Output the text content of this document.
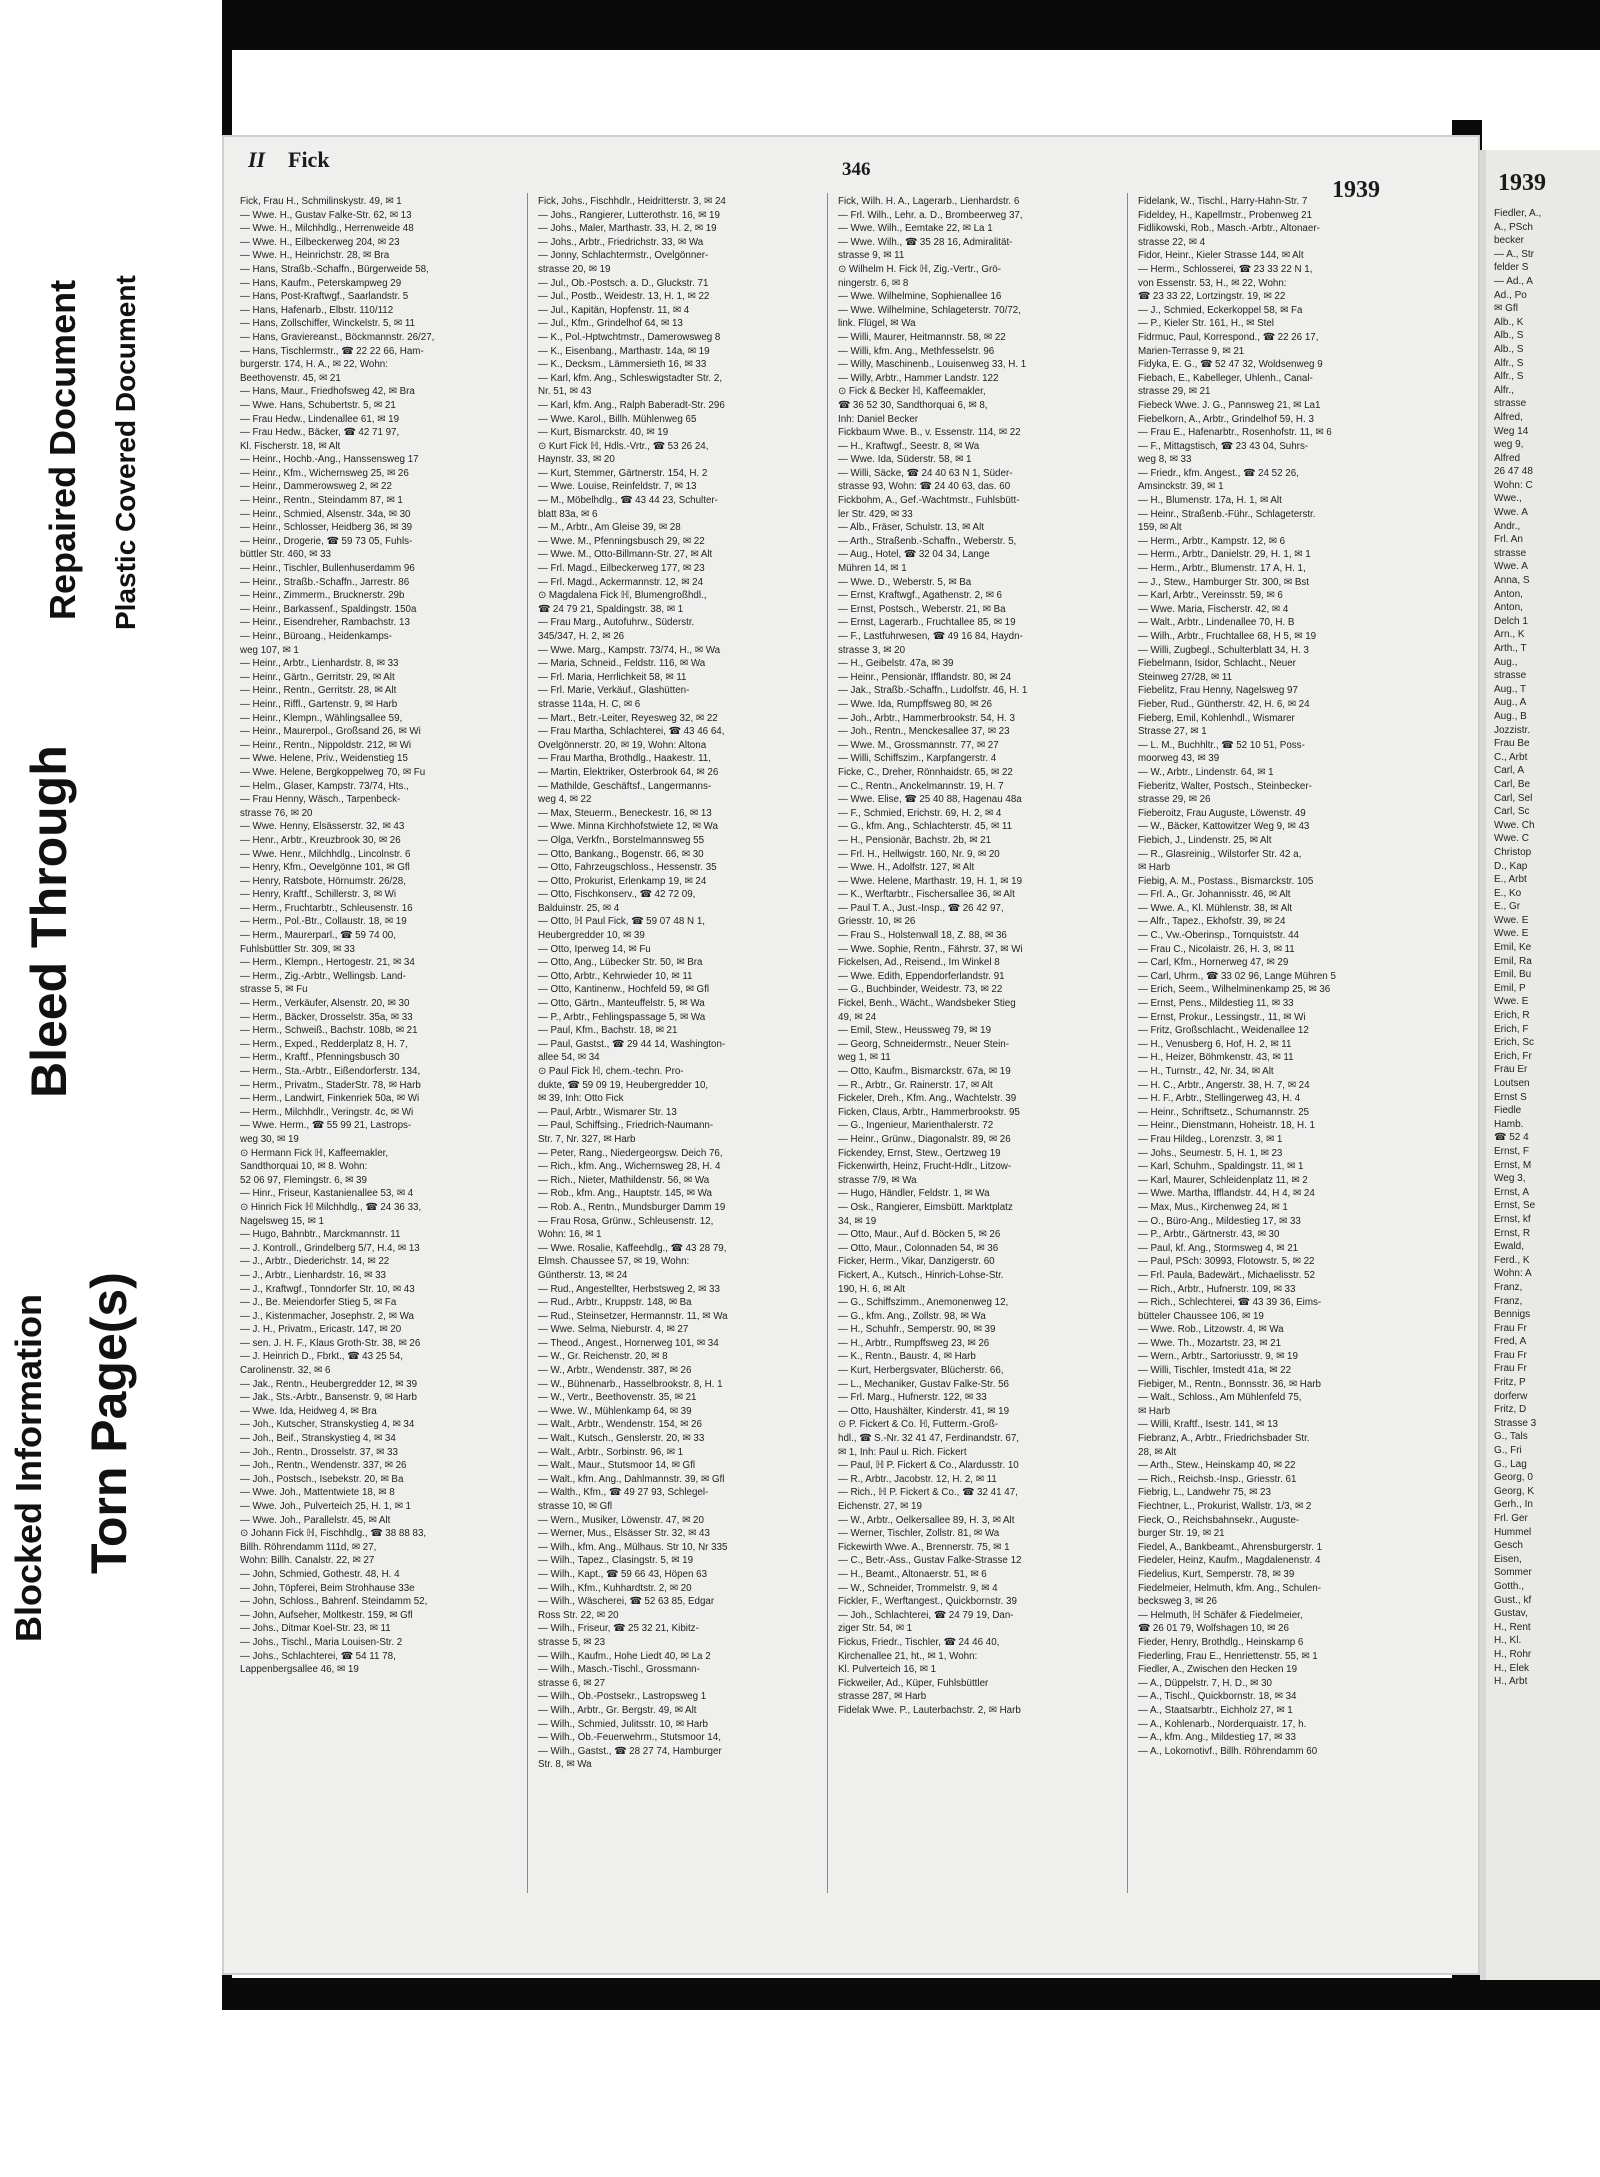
Blocked Information
Bleed Through
Torn Page(s)
Repaired Document Plastic Covered Document
II Fick	346
1939
Fick, Frau H., Schmilinskystr. 49, ✉ 1
— Wwe. H., Gustav Falke-Str. 62, ✉ 13
— Wwe. H., Milchhdlg., Herrenweide 48
— Wwe. H., Eilbeckerweg 204, ✉ 23
— Wwe. H., Heinrichstr. 28, ✉ Bra
— Hans, Straßb.-Schaffn., Bürgerweide 58,
— Hans, Kaufm., Peterskampweg 29
— Hans, Post-Kraftwgf., Saarlandstr. 5
— Hans, Hafenarb., Elbstr. 110/112
— Hans, Zollschiffer, Winckelstr. 5, ✉ 11
— Hans, Graviereanst., Böckmannstr. 26/27,
— Hans, Tischlermstr., ☎ 22 22 66, Ham-
burgerstr. 174, H. A., ✉ 22, Wohn:
Beethovenstr. 45, ✉ 21
— Hans, Maur., Friedhofsweg 42, ✉ Bra
— Wwe. Hans, Schubertstr. 5, ✉ 21
— Frau Hedw., Lindenallee 61, ✉ 19
— Frau Hedw., Bäcker, ☎ 42 71 97,
Kl. Fischerstr. 18, ✉ Alt
— Heinr., Hochb.-Ang., Hanssensweg 17
— Heinr., Kfm., Wichernsweg 25, ✉ 26
— Heinr., Dammerowsweg 2, ✉ 22
— Heinr., Rentn., Steindamm 87, ✉ 1
— Heinr., Schmied, Alsenstr. 34a, ✉ 30
— Heinr., Schlosser, Heidberg 36, ✉ 39
— Heinr., Drogerie, ☎ 59 73 05, Fuhls-
büttler Str. 460, ✉ 33
— Heinr., Tischler, Bullenhuserdamm 96
— Heinr., Straßb.-Schaffn., Jarrestr. 86
— Heinr., Zimmerm., Brucknerstr. 29b
— Heinr., Barkassenf., Spaldingstr. 150a
— Heinr., Eisendreher, Rambachstr. 13
— Heinr., Büroang., Heidenkamps-
weg 107, ✉ 1
— Heinr., Arbtr., Lienhardstr. 8, ✉ 33
— Heinr., Gärtn., Gerritstr. 29, ✉ Alt
— Heinr., Rentn., Gerritstr. 28, ✉ Alt
— Heinr., Riffl., Gartenstr. 9, ✉ Harb
— Heinr., Klempn., Wählingsallee 59,
— Heinr., Maurerpol., Großsand 26, ✉ Wi
— Heinr., Rentn., Nippoldstr. 212, ✉ Wi
— Wwe. Helene, Priv., Weidenstieg 15
— Wwe. Helene, Bergkoppelweg 70, ✉ Fu
— Helm., Glaser, Kampstr. 73/74, Hts.,
— Frau Henny, Wäsch., Tarpenbeck-
strasse 76, ✉ 20
— Wwe. Henny, Elsässerstr. 32, ✉ 43
— Henr., Arbtr., Kreuzbrook 30, ✉ 26
— Wwe. Henr., Milchhdlg., Lincolnstr. 6
— Henry, Kfm., Oevelgönne 101, ✉ Gfl
— Henry, Ratsbote, Hörnumstr. 26/28,
— Henry, Kraftf., Schillerstr. 3, ✉ Wi
— Herm., Fruchtarbtr., Schleusenstr. 16
— Herm., Pol.-Btr., Collaustr. 18, ✉ 19
— Herm., Maurerparl., ☎ 59 74 00,
Fuhlsbüttler Str. 309, ✉ 33
— Herm., Klempn., Hertogestr. 21, ✉ 34
— Herm., Zig.-Arbtr., Wellingsb. Land-
strasse 5, ✉ Fu
— Herm., Verkäufer, Alsenstr. 20, ✉ 30
— Herm., Bäcker, Drosselstr. 35a, ✉ 33
— Herm., Schweiß., Bachstr. 108b, ✉ 21
— Herm., Exped., Redderplatz 8, H. 7,
— Herm., Kraftf., Pfenningsbusch 30
— Herm., Sta.-Arbtr., Eißendorferstr. 134,
— Herm., Privatm., StaderStr. 78, ✉ Harb
— Herm., Landwirt, Finkenriek 50a, ✉ Wi
— Herm., Milchhdlr., Veringstr. 4c, ✉ Wi
— Wwe. Herm., ☎ 55 99 21, Lastrops-
weg 30, ✉ 19
⊙ Hermann Fick ℍ, Kaffeemakler,
Sandthorquai 10, ✉ 8. Wohn:
52 06 97, Flemingstr. 6, ✉ 39
— Hinr., Friseur, Kastanienallee 53, ✉ 4
⊙ Hinrich Fick ℍ Milchhdlg., ☎ 24 36 33,
Nagelsweg 15, ✉ 1
— Hugo, Bahnbtr., Marckmannstr. 11
— J. Kontroll., Grindelberg 5/7, H.4, ✉ 13
— J., Arbtr., Diederichstr. 14, ✉ 22
— J., Arbtr., Lienhardstr. 16, ✉ 33
— J., Kraftwgf., Tonndorfer Str. 10, ✉ 43
— J., Be. Meiendorfer Stieg 5, ✉ Fa
— J., Kistenmacher, Josephstr. 2, ✉ Wa
— J. H., Privatm., Ericastr. 147, ✉ 20
— sen. J. H. F., Klaus Groth-Str. 38, ✉ 26
— J. Heinrich D., Fbrkt., ☎ 43 25 54,
Carolinenstr. 32, ✉ 6
— Jak., Rentn., Heubergredder 12, ✉ 39
— Jak., Sts.-Arbtr., Bansenstr. 9, ✉ Harb
— Wwe. Ida, Heidweg 4, ✉ Bra
— Joh., Kutscher, Stranskystieg 4, ✉ 34
— Joh., Beif., Stranskystieg 4, ✉ 34
— Joh., Rentn., Drosselstr. 37, ✉ 33
— Joh., Rentn., Wendenstr. 337, ✉ 26
— Joh., Postsch., Isebekstr. 20, ✉ Ba
— Wwe. Joh., Mattentwiete 18, ✉ 8
— Wwe. Joh., Pulverteich 25, H. 1, ✉ 1
— Wwe. Joh., Parallelstr. 45, ✉ Alt
⊙ Johann Fick ℍ, Fischhdlg., ☎ 38 88 83,
Billh. Röhrendamm 111d, ✉ 27,
Wohn: Billh. Canalstr. 22, ✉ 27
— John, Schmied, Gothestr. 48, H. 4
— John, Töpferei, Beim Strohhause 33e
— John, Schloss., Bahrenf. Steindamm 52,
— John, Aufseher, Moltkestr. 159, ✉ Gfl
— Johs., Ditmar Koel-Str. 23, ✉ 11
— Johs., Tischl., Maria Louisen-Str. 2
— Johs., Schlachterei, ☎ 54 11 78,
Lappenbergsallee 46, ✉ 19
Fick, Johs., Fischhdlr., Heidritterstr. 3, ✉ 24
— Johs., Rangierer, Lutterothstr. 16, ✉ 19
— Johs., Maler, Marthastr. 33, H. 2, ✉ 19
— Johs., Arbtr., Friedrichstr. 33, ✉ Wa
— Jonny, Schlachtermstr., Ovelgönner-
strasse 20, ✉ 19
— Jul., Ob.-Postsch. a. D., Gluckstr. 71
— Jul., Postb., Weidestr. 13, H. 1, ✉ 22
— Jul., Kapitän, Hopfenstr. 11, ✉ 4
— Jul., Kfm., Grindelhof 64, ✉ 13
— K., Pol.-Hptwchtmstr., Damerowsweg 8
— K., Eisenbang., Marthastr. 14a, ✉ 19
— K., Decksm., Lämmersieth 16, ✉ 33
— Karl, kfm. Ang., Schleswigstadter Str. 2,
Nr. 51, ✉ 43
— Karl, kfm. Ang., Ralph Baberadt-Str. 296
— Wwe. Karol., Billh. Mühlenweg 65
— Kurt, Bismarckstr. 40, ✉ 19
⊙ Kurt Fick ℍ, Hdls.-Vrtr., ☎ 53 26 24,
Haynstr. 33, ✉ 20
— Kurt, Stemmer, Gärtnerstr. 154, H. 2
— Wwe. Louise, Reinfeldstr. 7, ✉ 13
— M., Möbelhdlg., ☎ 43 44 23, Schulter-
blatt 83a, ✉ 6
— M., Arbtr., Am Gleise 39, ✉ 28
— Wwe. M., Pfenningsbusch 29, ✉ 22
— Wwe. M., Otto-Billmann-Str. 27, ✉ Alt
— Frl. Magd., Eilbeckerweg 177, ✉ 23
— Frl. Magd., Ackermannstr. 12, ✉ 24
⊙ Magdalena Fick ℍ, Blumengroßhdl.,
☎ 24 79 21, Spaldingstr. 38, ✉ 1
— Frau Marg., Autofuhrw., Süderstr.
345/347, H. 2, ✉ 26
— Wwe. Marg., Kampstr. 73/74, H., ✉ Wa
— Maria, Schneid., Feldstr. 116, ✉ Wa
— Frl. Maria, Herrlichkeit 58, ✉ 11
— Frl. Marie, Verkäuf., Glashütten-
strasse 114a, H. C, ✉ 6
— Mart., Betr.-Leiter, Reyesweg 32, ✉ 22
— Frau Martha, Schlachterei, ☎ 43 46 64,
Ovelgönnerstr. 20, ✉ 19, Wohn: Altona
— Frau Martha, Brothdlg., Haakestr. 11,
— Martin, Elektriker, Osterbrook 64, ✉ 26
— Mathilde, Geschäftsf., Langermanns-
weg 4, ✉ 22
— Max, Steuerm., Beneckestr. 16, ✉ 13
— Wwe. Minna Kirchhofstwiete 12, ✉ Wa
— Olga, Verkfn., Borstelmannsweg 55
— Otto, Bankang., Bogenstr. 66, ✉ 30
— Otto, Fahrzeugschloss., Hessenstr. 35
— Otto, Prokurist, Erlenkamp 19, ✉ 24
— Otto, Fischkonserv., ☎ 42 72 09,
Balduinstr. 25, ✉ 4
— Otto, ℍ Paul Fick, ☎ 59 07 48 N 1,
Heubergredder 10, ✉ 39
— Otto, Iperweg 14, ✉ Fu
— Otto, Ang., Lübecker Str. 50, ✉ Bra
— Otto, Arbtr., Kehrwieder 10, ✉ 11
— Otto, Kantinenw., Hochfeld 59, ✉ Gfl
— Otto, Gärtn., Manteuffelstr. 5, ✉ Wa
— P., Arbtr., Fehlingspassage 5, ✉ Wa
— Paul, Kfm., Bachstr. 18, ✉ 21
— Paul, Gastst., ☎ 29 44 14, Washington-
allee 54, ✉ 34
⊙ Paul Fick ℍ, chem.-techn. Pro-
dukte, ☎ 59 09 19, Heubergredder 10,
✉ 39, Inh: Otto Fick
— Paul, Arbtr., Wismarer Str. 13
— Paul, Schiffsing., Friedrich-Naumann-
Str. 7, Nr. 327, ✉ Harb
— Peter, Rang., Niedergeorgsw. Deich 76,
— Rich., kfm. Ang., Wichernsweg 28, H. 4
— Rich., Nieter, Mathildenstr. 56, ✉ Wa
— Rob., kfm. Ang., Hauptstr. 145, ✉ Wa
— Rob. A., Rentn., Mundsburger Damm 19
— Frau Rosa, Grünw., Schleusenstr. 12,
Wohn: 16, ✉ 1
— Wwe. Rosalie, Kaffeehdlg., ☎ 43 28 79,
Elmsh. Chaussee 57, ✉ 19, Wohn:
Güntherstr. 13, ✉ 24
— Rud., Angestellter, Herbstsweg 2, ✉ 33
— Rud., Arbtr., Kruppstr. 148, ✉ Ba
— Rud., Steinsetzer, Hermannstr. 11, ✉ Wa
— Wwe. Selma, Nieburstr. 4, ✉ 27
— Theod., Angest., Hornerweg 101, ✉ 34
— W., Gr. Reichenstr. 20, ✉ 8
— W., Arbtr., Wendenstr. 387, ✉ 26
— W., Bühnenarb., Hasselbrookstr. 8, H. 1
— W., Vertr., Beethovenstr. 35, ✉ 21
— Wwe. W., Mühlenkamp 64, ✉ 39
— Walt., Arbtr., Wendenstr. 154, ✉ 26
— Walt., Kutsch., Genslerstr. 20, ✉ 33
— Walt., Arbtr., Sorbinstr. 96, ✉ 1
— Walt., Maur., Stutsmoor 14, ✉ Gfl
— Walt., kfm. Ang., Dahlmannstr. 39, ✉ Gfl
— Walth., Kfm., ☎ 49 27 93, Schlegel-
strasse 10, ✉ Gfl
— Wern., Musiker, Löwenstr. 47, ✉ 20
— Werner, Mus., Elsässer Str. 32, ✉ 43
— Wilh., kfm. Ang., Mülhaus. Str 10, Nr 335
— Wilh., Tapez., Clasingstr. 5, ✉ 19
— Wilh., Kapt., ☎ 59 66 43, Höpen 63
— Wilh., Kfm., Kuhhardtstr. 2, ✉ 20
— Wilh., Wäscherei, ☎ 52 63 85, Edgar
Ross Str. 22, ✉ 20
— Wilh., Friseur, ☎ 25 32 21, Kibitz-
strasse 5, ✉ 23
— Wilh., Kaufm., Hohe Liedt 40, ✉ La 2
— Wilh., Masch.-Tischl., Grossmann-
strasse 6, ✉ 27
— Wilh., Ob.-Postsekr., Lastropsweg 1
— Wilh., Arbtr., Gr. Bergstr. 49, ✉ Alt
— Wilh., Schmied, Julitsstr. 10, ✉ Harb
— Wilh., Ob.-Feuerwehrm., Stutsmoor 14,
— Wilh., Gastst., ☎ 28 27 74, Hamburger
Str. 8, ✉ Wa
Fick, Wilh. H. A., Lagerarb., Lienhardstr. 6
— Frl. Wilh., Lehr. a. D., Brombeerweg 37,
— Wwe. Wilh., Eemtake 22, ✉ La 1
— Wwe. Wilh., ☎ 35 28 16, Admiralität-
strasse 9, ✉ 11
⊙ Wilhelm H. Fick ℍ, Zig.-Vertr., Grö-
ningerstr. 6, ✉ 8
— Wwe. Wilhelmine, Sophienallee 16
— Wwe. Wilhelmine, Schlageterstr. 70/72,
link. Flügel, ✉ Wa
— Willi, Maurer, Heitmannstr. 58, ✉ 22
— Willi, kfm. Ang., Methfesselstr. 96
— Willy, Maschinenb., Louisenweg 33, H. 1
— Willy, Arbtr., Hammer Landstr. 122
⊙ Fick & Becker ℍ, Kaffeemakler,
☎ 36 52 30, Sandthorquai 6, ✉ 8,
Inh: Daniel Becker
Fickbaum Wwe. B., v. Essenstr. 114, ✉ 22
— H., Kraftwgf., Seestr. 8, ✉ Wa
— Wwe. Ida, Süderstr. 58, ✉ 1
— Willi, Säcke, ☎ 24 40 63 N 1, Süder-
strasse 93, Wohn: ☎ 24 40 63, das. 60
Fickbohm, A., Gef.-Wachtmstr., Fuhlsbütt-
ler Str. 429, ✉ 33
— Alb., Fräser, Schulstr. 13, ✉ Alt
— Arth., Straßenb.-Schaffn., Weberstr. 5,
— Aug., Hotel, ☎ 32 04 34, Lange
Mühren 14, ✉ 1
— Wwe. D., Weberstr. 5, ✉ Ba
— Ernst, Kraftwgf., Agathenstr. 2, ✉ 6
— Ernst, Postsch., Weberstr. 21, ✉ Ba
— Ernst, Lagerarb., Fruchtallee 85, ✉ 19
— F., Lastfuhrwesen, ☎ 49 16 84, Haydn-
strasse 3, ✉ 20
— H., Geibelstr. 47a, ✉ 39
— Heinr., Pensionär, Ifflandstr. 80, ✉ 24
— Jak., Straßb.-Schaffn., Ludolfstr. 46, H. 1
— Wwe. Ida, Rumpffsweg 80, ✉ 26
— Joh., Arbtr., Hammerbrookstr. 54, H. 3
— Joh., Rentn., Menckesallee 37, ✉ 23
— Wwe. M., Grossmannstr. 77, ✉ 27
— Willi, Schiffszim., Karpfangerstr. 4
Ficke, C., Dreher, Rönnhaidstr. 65, ✉ 22
— C., Rentn., Anckelmannstr. 19, H. 7
— Wwe. Elise, ☎ 25 40 88, Hagenau 48a
— F., Schmied, Erichstr. 69, H. 2, ✉ 4
— G., kfm. Ang., Schlachterstr. 45, ✉ 11
— H., Pensionär, Bachstr. 2b, ✉ 21
— Frl. H., Hellwigstr. 160, Nr. 9, ✉ 20
— Wwe. H., Adolfstr. 127, ✉ Alt
— Wwe. Helene, Marthastr. 19, H. 1, ✉ 19
— K., Werftarbtr., Fischersallee 36, ✉ Alt
— Paul T. A., Just.-Insp., ☎ 26 42 97,
Griesstr. 10, ✉ 26
— Frau S., Holstenwall 18, Z. 88, ✉ 36
— Wwe. Sophie, Rentn., Fährstr. 37, ✉ Wi
Fickelsen, Ad., Reisend., Im Winkel 8
— Wwe. Edith, Eppendorferlandstr. 91
— G., Buchbinder, Weidestr. 73, ✉ 22
Fickel, Benh., Wächt., Wandsbeker Stieg
49, ✉ 24
— Emil, Stew., Heussweg 79, ✉ 19
— Georg, Schneidermstr., Neuer Stein-
weg 1, ✉ 11
— Otto, Kaufm., Bismarckstr. 67a, ✉ 19
— R., Arbtr., Gr. Rainerstr. 17, ✉ Alt
Fickeler, Dreh., Kfm. Ang., Wachtelstr. 39
Ficken, Claus, Arbtr., Hammerbrookstr. 95
— G., Ingenieur, Marienthalerstr. 72
— Heinr., Grünw., Diagonalstr. 89, ✉ 26
Fickendey, Ernst, Stew., Oertzweg 19
Fickenwirth, Heinz, Frucht-Hdlr., Litzow-
strasse 7/9, ✉ Wa
— Hugo, Händler, Feldstr. 1, ✉ Wa
— Osk., Rangierer, Eimsbütt. Marktplatz
34, ✉ 19
— Otto, Maur., Auf d. Böcken 5, ✉ 26
— Otto, Maur., Colonnaden 54, ✉ 36
Ficker, Herm., Vikar, Danzigerstr. 60
Fickert, A., Kutsch., Hinrich-Lohse-Str.
190, H. 6, ✉ Alt
— G., Schiffszimm., Anemonenweg 12,
— G., kfm. Ang., Zollstr. 98, ✉ Wa
— H., Schuhfr., Semperstr. 90, ✉ 39
— H., Arbtr., Rumpffsweg 23, ✉ 26
— K., Rentn., Baustr. 4, ✉ Harb
— Kurt, Herbergsvater, Blücherstr. 66,
— L., Mechaniker, Gustav Falke-Str. 56
— Frl. Marg., Hufnerstr. 122, ✉ 33
— Otto, Haushälter, Kinderstr. 41, ✉ 19
⊙ P. Fickert & Co. ℍ, Futterm.-Groß-
hdl., ☎ S.-Nr. 32 41 47, Ferdinandstr. 67,
✉ 1, Inh: Paul u. Rich. Fickert
— Paul, ℍ P. Fickert & Co., Alardusstr. 10
— R., Arbtr., Jacobstr. 12, H. 2, ✉ 11
— Rich., ℍ P. Fickert & Co., ☎ 32 41 47,
Eichenstr. 27, ✉ 19
— W., Arbtr., Oelkersallee 89, H. 3, ✉ Alt
— Werner, Tischler, Zollstr. 81, ✉ Wa
Fickewirth Wwe. A., Brennerstr. 75, ✉ 1
— C., Betr.-Ass., Gustav Falke-Strasse 12
— H., Beamt., Altonaerstr. 51, ✉ 6
— W., Schneider, Trommelstr. 9, ✉ 4
Fickler, F., Werftangest., Quickbornstr. 39
— Joh., Schlachterei, ☎ 24 79 19, Dan-
ziger Str. 54, ✉ 1
Fickus, Friedr., Tischler, ☎ 24 46 40,
Kirchenallee 21, ht., ✉ 1, Wohn:
Kl. Pulverteich 16, ✉ 1
Fickweiler, Ad., Küper, Fuhlsbüttler
strasse 287, ✉ Harb
Fidelak Wwe. P., Lauterbachstr. 2, ✉ Harb
Fidelank, W., Tischl., Harry-Hahn-Str. 7
Fideldey, H., Kapellmstr., Probenweg 21
Fidlikowski, Rob., Masch.-Arbtr., Altonaer-
strasse 22, ✉ 4
Fidor, Heinr., Kieler Strasse 144, ✉ Alt
— Herm., Schlosserei, ☎ 23 33 22 N 1,
von Essenstr. 53, H., ✉ 22, Wohn:
☎ 23 33 22, Lortzingstr. 19, ✉ 22
— J., Schmied, Eckerkoppel 58, ✉ Fa
— P., Kieler Str. 161, H., ✉ Stel
Fidrmuc, Paul, Korrespond., ☎ 22 26 17,
Marien-Terrasse 9, ✉ 21
Fidyka, E. G., ☎ 52 47 32, Woldsenweg 9
Fiebach, E., Kabelleger, Uhlenh., Canal-
strasse 29, ✉ 21
Fiebeck Wwe. J. G., Pannsweg 21, ✉ La1
Fiebelkorn, A., Arbtr., Grindelhof 59, H. 3
— Frau E., Hafenarbtr., Rosenhofstr. 11, ✉ 6
— F., Mittagstisch, ☎ 23 43 04, Suhrs-
weg 8, ✉ 33
— Friedr., kfm. Angest., ☎ 24 52 26,
Amsinckstr. 39, ✉ 1
— H., Blumenstr. 17a, H. 1, ✉ Alt
— Heinr., Straßenb.-Führ., Schlageterstr.
159, ✉ Alt
— Herm., Arbtr., Kampstr. 12, ✉ 6
— Herm., Arbtr., Danielstr. 29, H. 1, ✉ 1
— Herm., Arbtr., Blumenstr. 17 A, H. 1,
— J., Stew., Hamburger Str. 300, ✉ Bst
— Karl, Arbtr., Vereinsstr. 59, ✉ 6
— Wwe. Maria, Fischerstr. 42, ✉ 4
— Walt., Arbtr., Lindenallee 70, H. B
— Wilh., Arbtr., Fruchtallee 68, H 5, ✉ 19
— Willi, Zugbegl., Schulterblatt 34, H. 3
Fiebelmann, Isidor, Schlacht., Neuer
Steinweg 27/28, ✉ 11
Fiebelitz, Frau Henny, Nagelsweg 97
Fieber, Rud., Güntherstr. 42, H. 6, ✉ 24
Fieberg, Emil, Kohlenhdl., Wismarer
Strasse 27, ✉ 1
— L. M., Buchhltr., ☎ 52 10 51, Poss-
moorweg 43, ✉ 39
— W., Arbtr., Lindenstr. 64, ✉ 1
Fieberitz, Walter, Postsch., Steinbecker-
strasse 29, ✉ 26
Fieberoitz, Frau Auguste, Löwenstr. 49
— W., Bäcker, Kattowitzer Weg 9, ✉ 43
Fiebich, J., Lindenstr. 25, ✉ Alt
— R., Glasreinig., Wilstorfer Str. 42 a,
✉ Harb
Fiebig, A. M., Postass., Bismarckstr. 105
— Frl. A., Gr. Johannisstr. 46, ✉ Alt
— Wwe. A., Kl. Mühlenstr. 38, ✉ Alt
— Alfr., Tapez., Ekhofstr. 39, ✉ 24
— C., Vw.-Oberinsp., Tornquiststr. 44
— Frau C., Nicolaistr. 26, H. 3, ✉ 11
— Carl, Kfm., Hornerweg 47, ✉ 29
— Carl, Uhrm., ☎ 33 02 96, Lange Mühren 5
— Erich, Seem., Wilhelminenkamp 25, ✉ 36
— Ernst, Pens., Mildestieg 11, ✉ 33
— Ernst, Prokur., Lessingstr., 11, ✉ Wi
— Fritz, Großschlacht., Weidenallee 12
— H., Venusberg 6, Hof, H. 2, ✉ 11
— H., Heizer, Böhmkenstr. 43, ✉ 11
— H., Turnstr., 42, Nr. 34, ✉ Alt
— H. C., Arbtr., Angerstr. 38, H. 7, ✉ 24
— H. F., Arbtr., Stellingerweg 43, H. 4
— Heinr., Schriftsetz., Schumannstr. 25
— Heinr., Dienstmann, Hoheistr. 18, H. 1
— Frau Hildeg., Lorenzstr. 3, ✉ 1
— Johs., Seumestr. 5, H. 1, ✉ 23
— Karl, Schuhm., Spaldingstr. 11, ✉ 1
— Karl, Maurer, Schleidenplatz 11, ✉ 2
— Wwe. Martha, Ifflandstr. 44, H 4, ✉ 24
— Max, Mus., Kirchenweg 24, ✉ 1
— O., Büro-Ang., Mildestieg 17, ✉ 33
— P., Arbtr., Gärtnerstr. 43, ✉ 30
— Paul, kf. Ang., Stormsweg 4, ✉ 21
— Paul, PSch: 30993, Flotowstr. 5, ✉ 22
— Frl. Paula, Badewärt., Michaelisstr. 52
— Rich., Arbtr., Hufnerstr. 109, ✉ 33
— Rich., Schlechterei, ☎ 43 39 36, Eims-
bütteler Chaussee 106, ✉ 19
— Wwe. Rob., Litzowstr. 4, ✉ Wa
— Wwe. Th., Mozartstr. 23, ✉ 21
— Wern., Arbtr., Sartoriusstr. 9, ✉ 19
— Willi, Tischler, Imstedt 41a, ✉ 22
Fiebiger, M., Rentn., Bonnsstr. 36, ✉ Harb
— Walt., Schloss., Am Mühlenfeld 75,
✉ Harb
— Willi, Kraftf., Isestr. 141, ✉ 13
Fiebranz, A., Arbtr., Friedrichsbader Str.
28, ✉ Alt
— Arth., Stew., Heinskamp 40, ✉ 22
— Rich., Reichsb.-Insp., Griesstr. 61
Fiebrig, L., Landwehr 75, ✉ 23
Fiechtner, L., Prokurist, Wallstr. 1/3, ✉ 2
Fieck, O., Reichsbahnsekr., Auguste-
burger Str. 19, ✉ 21
Fiedel, A., Bankbeamt., Ahrensburgerstr. 1
Fiedeler, Heinz, Kaufm., Magdalenenstr. 4
Fiedelius, Kurt, Semperstr. 78, ✉ 39
Fiedelmeier, Helmuth, kfm. Ang., Schulen-
becksweg 3, ✉ 26
— Helmuth, ℍ Schäfer & Fiedelmeier,
☎ 26 01 79, Wolfshagen 10, ✉ 26
Fieder, Henry, Brothdlg., Heinskamp 6
Fiederling, Frau E., Henriettenstr. 55, ✉ 1
Fiedler, A., Zwischen den Hecken 19
— A., Düppelstr. 7, H. D., ✉ 30
— A., Tischl., Quickbornstr. 18, ✉ 34
— A., Staatsarbtr., Eichholz 27, ✉ 1
— A., Kohlenarb., Norderquaistr. 17, h.
— A., kfm. Ang., Mildestieg 17, ✉ 33
— A., Lokomotivf., Billh. Röhrendamm 60
1939
Fiedler, A.,
A., PSch
becker
— A., Str
felder S
— Ad., A
Ad., Po
✉ Gfl
Alb., K
Alb., S
Alb., S
Alfr., S
Alfr., S
Alfr.,
strasse
Alfred,
Weg 14
weg 9,
Alfred
26 47 48
Wohn: C
Wwe.,
Wwe. A
Andr.,
Frl. An
strasse
Wwe. A
Anna, S
Anton,
Anton,
Delch 1
Arn., K
Arth., T
Aug.,
strasse
Aug., T
Aug., A
Aug., B
Jozzistr.
Frau Be
C., Arbt
Carl, A
Carl, Be
Carl, Sel
Carl, Sc
Wwe. Ch
Wwe. C
Christop
D., Kap
E., Arbt
E., Ko
E., Gr
Wwe. E
Wwe. E
Emil, Ke
Emil, Ra
Emil, Bu
Emil, P
Wwe. E
Erich, R
Erich, F
Erich, Sc
Erich, Fr
Frau Er
Loutsen
Ernst S
Fiedle
Hamb.
☎ 52 4
Ernst, F
Ernst, M
Weg 3,
Ernst, A
Ernst, Se
Ernst, kf
Ernst, R
Ewald,
Ferd., K
Wohn: A
Franz,
Franz,
Bennigs
Frau Fr
Fred, A
Frau Fr
Frau Fr
Fritz, P
dorferw
Fritz, D
Strasse 3
G., Tals
G., Fri
G., Lag
Georg, 0
Georg, K
Gerh., In
Frl. Ger
Hummel
Gesch
Eisen,
Sommer
Gotth.,
Gust., kf
Gustav,
H., Rent
H., Kl.
H., Rohr
H., Elek
H., Arbt
